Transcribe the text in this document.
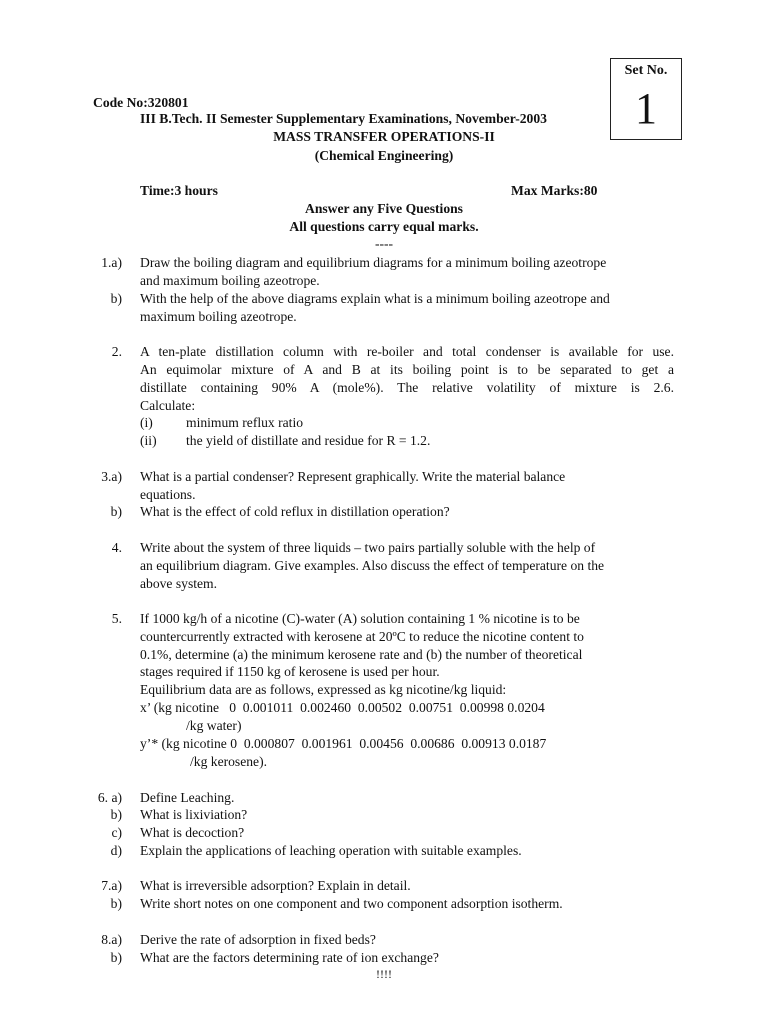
Set No.
1
Code No:320801
III B.Tech. II Semester Supplementary Examinations, November-2003
MASS TRANSFER OPERATIONS-II
(Chemical Engineering)
Time:3 hours	Max Marks:80
Answer any Five Questions
All questions carry equal marks.
----
1.a) Draw the boiling diagram and equilibrium diagrams for a minimum boiling azeotrope
and maximum boiling azeotrope.
b) With the help of the above diagrams explain what is a minimum boiling azeotrope and
maximum boiling azeotrope.
2. A ten-plate distillation column with re-boiler and total condenser is available for use.
An equimolar mixture of A and B at its boiling point is to be separated to get a
distillate containing 90% A (mole%). The relative volatility of mixture is 2.6.
Calculate:
(i) minimum reflux ratio
(ii) the yield of distillate and residue for R = 1.2.
3.a) What is a partial condenser? Represent graphically. Write the material balance
equations.
b) What is the effect of cold reflux in distillation operation?
4. Write about the system of three liquids – two pairs partially soluble with the help of
an equilibrium diagram. Give examples. Also discuss the effect of temperature on the
above system.
5. If 1000 kg/h of a nicotine (C)-water (A) solution containing 1 % nicotine is to be
countercurrently extracted with kerosene at 20ºC to reduce the nicotine content to
0.1%, determine (a) the minimum kerosene rate and (b) the number of theoretical
stages required if 1150 kg of kerosene is used per hour.
Equilibrium data are as follows, expressed as kg nicotine/kg liquid:
x’ (kg nicotine   0  0.001011  0.002460  0.00502  0.00751  0.00998 0.0204
/kg water)
y’* (kg nicotine 0  0.000807  0.001961  0.00456  0.00686  0.00913 0.0187
/kg kerosene).
6. a) Define Leaching.
b) What is lixiviation?
c) What is decoction?
d) Explain the applications of leaching operation with suitable examples.
7.a) What is irreversible adsorption? Explain in detail.
b) Write short notes on one component and two component adsorption isotherm.
8.a) Derive the rate of adsorption in fixed beds?
b) What are the factors determining rate of ion exchange?
!!!!
